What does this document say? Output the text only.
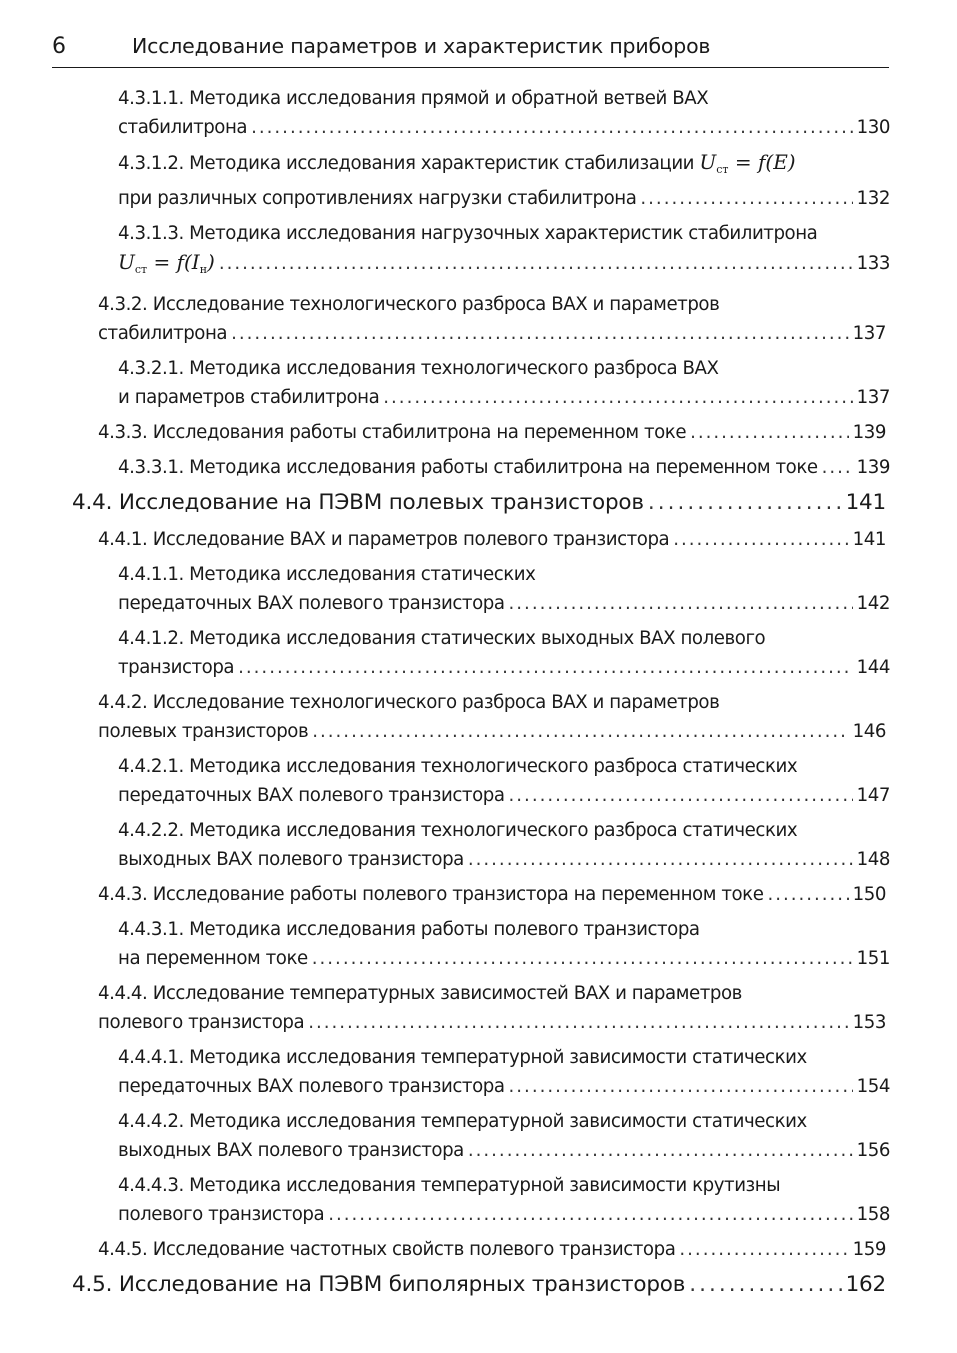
6	Исследование параметров и характеристик приборов
4.3.1.1. Методика исследования прямой и обратной ветвей ВАХ
стабилитрона . . .	130
4.3.1.2. Методика исследования характеристик стабилизации $U_{ст} = f(E)$
при различных сопротивлениях нагрузки стабилитрона . . .	132
4.3.1.3. Методика исследования нагрузочных характеристик стабилитрона
$U_{ст} = f(I_н)$ . . .	133
4.3.2. Исследование технологического разброса ВАХ и параметров
стабилитрона . . .	137
4.3.2.1. Методика исследования технологического разброса ВАХ
и параметров стабилитрона . . .	137
4.3.3. Исследования работы стабилитрона на переменном токе . . .	139
4.3.3.1. Методика исследования работы стабилитрона на переменном токе . . . 139
4.4. Исследование на ПЭВМ полевых транзисторов . . .	141
4.4.1. Исследование ВАХ и параметров полевого транзистора . . .	141
4.4.1.1. Методика исследования статических
передаточных ВАХ полевого транзистора . . .	142
4.4.1.2. Методика исследования статических выходных ВАХ полевого
транзистора . . .	144
4.4.2. Исследование технологического разброса ВАХ и параметров
полевых транзисторов . . .	146
4.4.2.1. Методика исследования технологического разброса статических
передаточных ВАХ полевого транзистора . . .	147
4.4.2.2. Методика исследования технологического разброса статических
выходных ВАХ полевого транзистора . . .	148
4.4.3. Исследование работы полевого транзистора на переменном токе . . .	150
4.4.3.1. Методика исследования работы полевого транзистора
на переменном токе . . .	151
4.4.4. Исследование температурных зависимостей ВАХ и параметров
полевого транзистора . . .	153
4.4.4.1. Методика исследования температурной зависимости статических
передаточных ВАХ полевого транзистора . . .	154
4.4.4.2. Методика исследования температурной зависимости статических
выходных ВАХ полевого транзистора . . .	156
4.4.4.3. Методика исследования температурной зависимости крутизны
полевого транзистора . . .	158
4.4.5. Исследование частотных свойств полевого транзистора . . .	159
4.5. Исследование на ПЭВМ биполярных транзисторов . . .	162
